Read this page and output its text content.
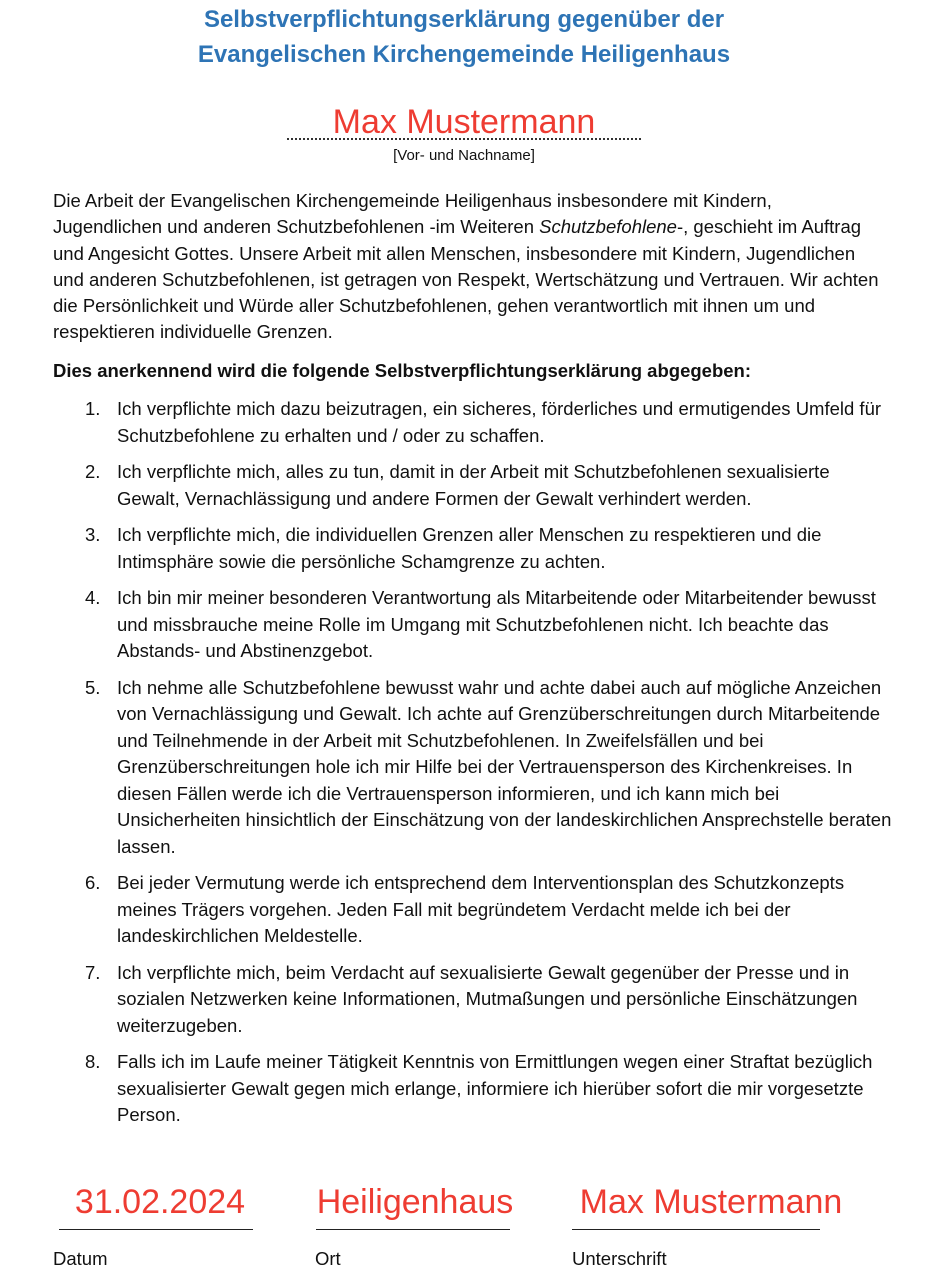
Selbstverpflichtungserklärung gegenüber der
Evangelischen Kirchengemeinde Heiligenhaus
Max Mustermann
[Vor- und Nachname]

Die Arbeit der Evangelischen Kirchengemeinde Heiligenhaus insbesondere mit Kindern, Jugendlichen und anderen Schutzbefohlenen -im Weiteren Schutzbefohlene-, geschieht im Auftrag und Angesicht Gottes. Unsere Arbeit mit allen Menschen, insbesondere mit Kindern, Jugendlichen und anderen Schutzbefohlenen, ist getragen von Respekt, Wertschätzung und Vertrauen. Wir achten die Persönlichkeit und Würde aller Schutzbefohlenen, gehen verantwortlich mit ihnen um und respektieren individuelle Grenzen.

Dies anerkennend wird die folgende Selbstverpflichtungserklärung abgegeben:

1. Ich verpflichte mich dazu beizutragen, ein sicheres, förderliches und ermutigendes Umfeld für Schutzbefohlene zu erhalten und / oder zu schaffen.
2. Ich verpflichte mich, alles zu tun, damit in der Arbeit mit Schutzbefohlenen sexualisierte Gewalt, Vernachlässigung und andere Formen der Gewalt verhindert werden.
3. Ich verpflichte mich, die individuellen Grenzen aller Menschen zu respektieren und die Intimsphäre sowie die persönliche Schamgrenze zu achten.
4. Ich bin mir meiner besonderen Verantwortung als Mitarbeitende oder Mitarbeitender bewusst und missbrauche meine Rolle im Umgang mit Schutzbefohlenen nicht. Ich beachte das Abstands- und Abstinenzgebot.
5. Ich nehme alle Schutzbefohlene bewusst wahr und achte dabei auch auf mögliche Anzeichen von Vernachlässigung und Gewalt. Ich achte auf Grenzüberschreitungen durch Mitarbeitende und Teilnehmende in der Arbeit mit Schutzbefohlenen. In Zweifelsfällen und bei Grenzüberschreitungen hole ich mir Hilfe bei der Vertrauensperson des Kirchenkreises. In diesen Fällen werde ich die Vertrauensperson informieren, und ich kann mich bei Unsicherheiten hinsichtlich der Einschätzung von der landeskirchlichen Ansprechstelle beraten lassen.
6. Bei jeder Vermutung werde ich entsprechend dem Interventionsplan des Schutzkonzepts meines Trägers vorgehen. Jeden Fall mit begründetem Verdacht melde ich bei der landeskirchlichen Meldestelle.
7. Ich verpflichte mich, beim Verdacht auf sexualisierte Gewalt gegenüber der Presse und in sozialen Netzwerken keine Informationen, Mutmaßungen und persönliche Einschätzungen weiterzugeben.
8. Falls ich im Laufe meiner Tätigkeit Kenntnis von Ermittlungen wegen einer Straftat bezüglich sexualisierter Gewalt gegen mich erlange, informiere ich hierüber sofort die mir vorgesetzte Person.
31.02.2024
Datum
Heiligenhaus
Ort
Max Mustermann
Unterschrift
